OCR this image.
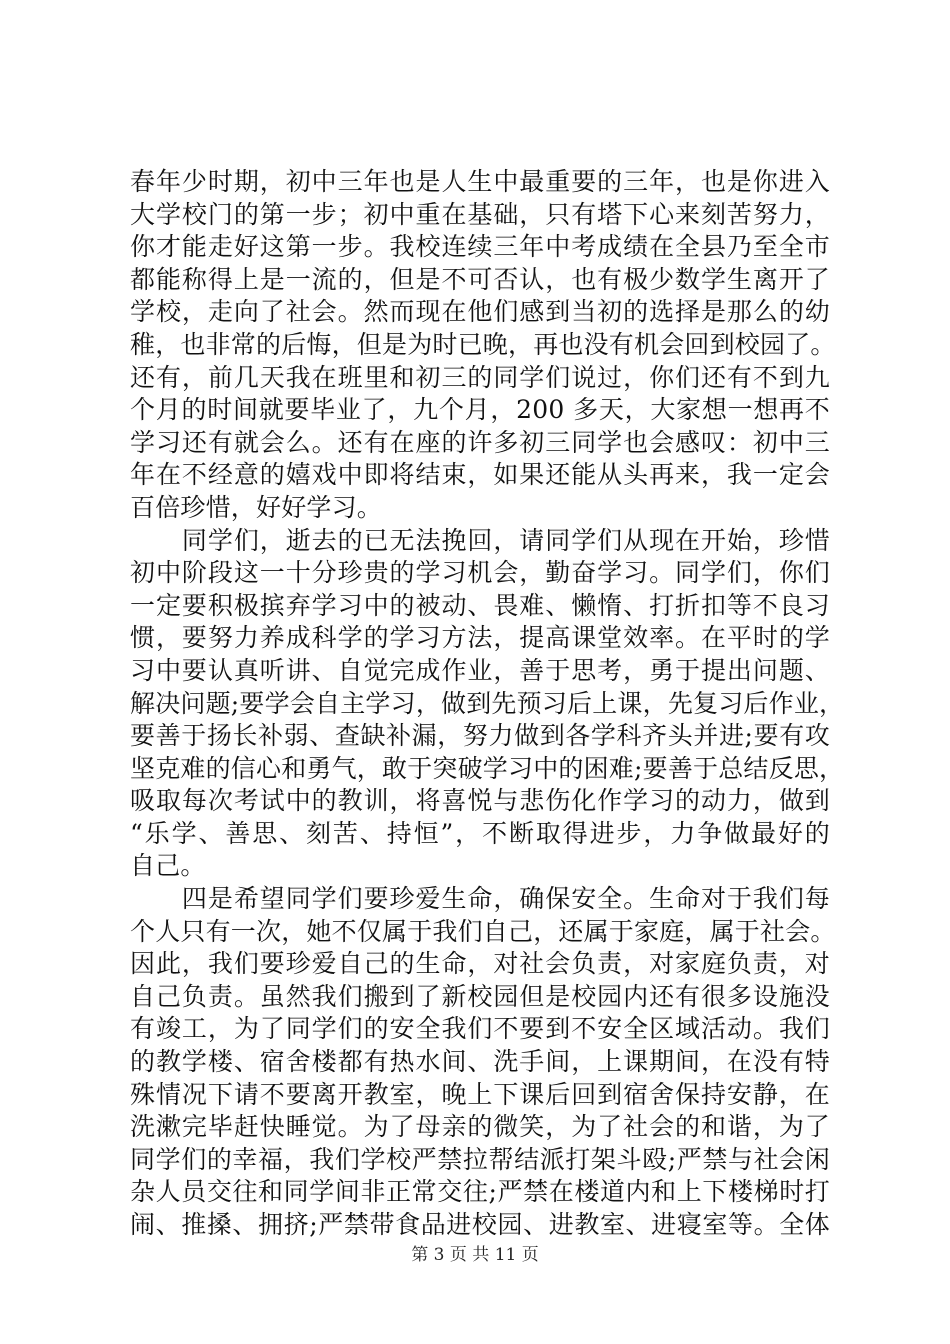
春年少时期，初中三年也是人生中最重要的三年，也是你进入
大学校门的第一步；初中重在基础，只有塔下心来刻苦努力，
你才能走好这第一步。我校连续三年中考成绩在全县乃至全市
都能称得上是一流的，但是不可否认，也有极少数学生离开了
学校，走向了社会。然而现在他们感到当初的选择是那么的幼
稚，也非常的后悔，但是为时已晚，再也没有机会回到校园了。
还有，前几天我在班里和初三的同学们说过，你们还有不到九
个月的时间就要毕业了，九个月，200 多天，大家想一想再不
学习还有就会么。还有在座的许多初三同学也会感叹：初中三
年在不经意的嬉戏中即将结束，如果还能从头再来，我一定会
百倍珍惜，好好学习。
　　同学们，逝去的已无法挽回，请同学们从现在开始，珍惜
初中阶段这一十分珍贵的学习机会，勤奋学习。同学们，你们
一定要积极摈弃学习中的被动、畏难、懒惰、打折扣等不良习
惯，要努力养成科学的学习方法，提高课堂效率。在平时的学
习中要认真听讲、自觉完成作业，善于思考，勇于提出问题、
解决问题;要学会自主学习，做到先预习后上课，先复习后作业，
要善于扬长补弱、查缺补漏，努力做到各学科齐头并进;要有攻
坚克难的信心和勇气，敢于突破学习中的困难;要善于总结反思，
吸取每次考试中的教训，将喜悦与悲伤化作学习的动力，做到
“乐学、善思、刻苦、持恒”，不断取得进步，力争做最好的
自己。
　　四是希望同学们要珍爱生命，确保安全。生命对于我们每
个人只有一次，她不仅属于我们自己，还属于家庭，属于社会。
因此，我们要珍爱自己的生命，对社会负责，对家庭负责，对
自己负责。虽然我们搬到了新校园但是校园内还有很多设施没
有竣工，为了同学们的安全我们不要到不安全区域活动。我们
的教学楼、宿舍楼都有热水间、洗手间，上课期间，在没有特
殊情况下请不要离开教室，晚上下课后回到宿舍保持安静，在
洗漱完毕赶快睡觉。为了母亲的微笑，为了社会的和谐，为了
同学们的幸福，我们学校严禁拉帮结派打架斗殴;严禁与社会闲
杂人员交往和同学间非正常交往;严禁在楼道内和上下楼梯时打
闹、推搡、拥挤;严禁带食品进校园、进教室、进寝室等。全体
第 3 页 共 11 页
